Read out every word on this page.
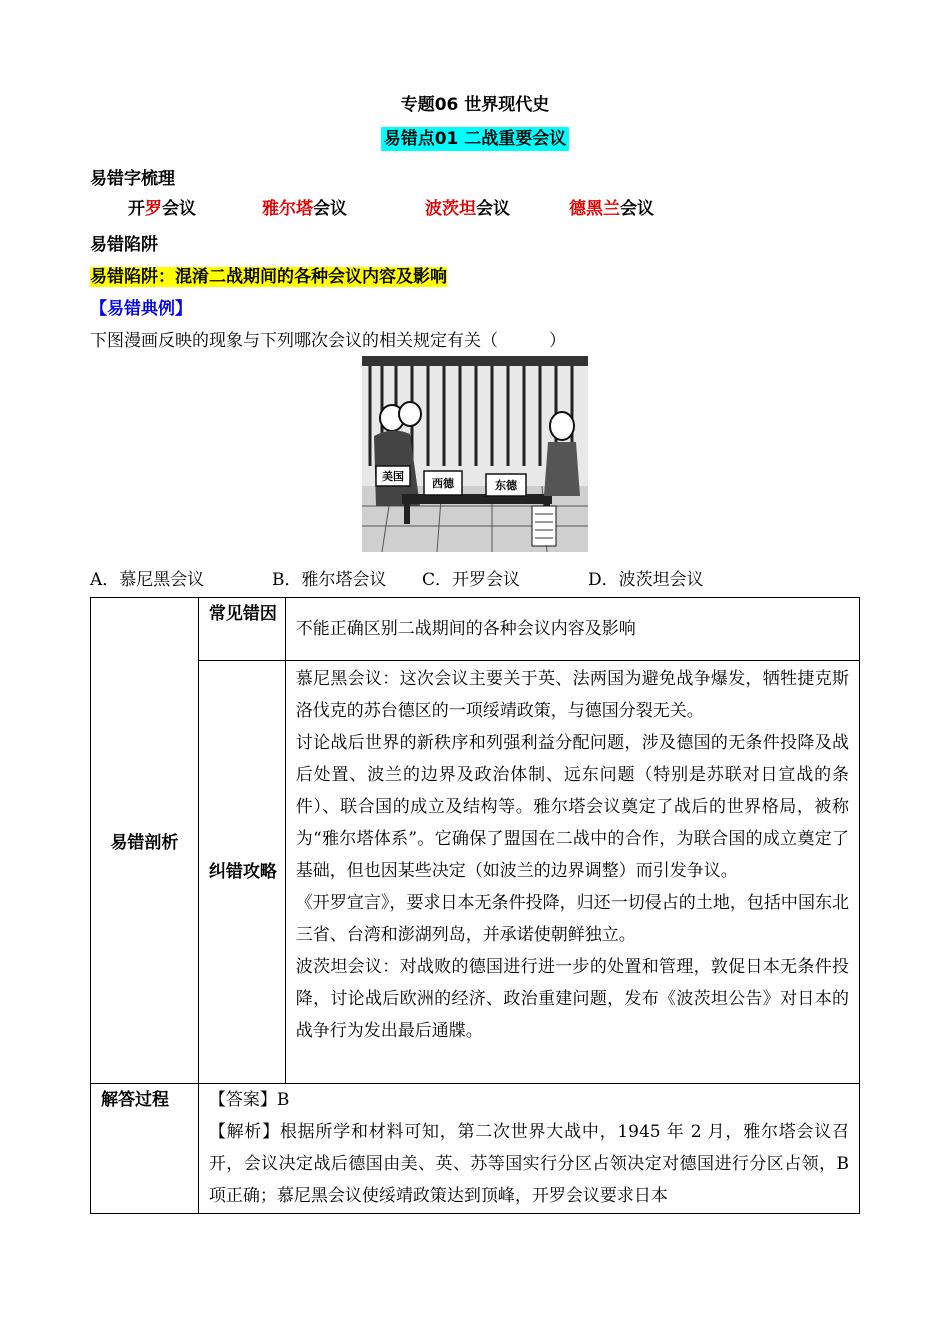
专题06 世界现代史
易错点01 二战重要会议
易错字梳理
开罗会议	雅尔塔会议	波茨坦会议	德黑兰会议
易错陷阱
易错陷阱：混淆二战期间的各种会议内容及影响
【易错典例】
下图漫画反映的现象与下列哪次会议的相关规定有关（　　　）
美国
西德	东德
A．慕尼黑会议	B．雅尔塔会议 C．开罗会议	D．波茨坦会议
易错剖析	常见错因	不能正确区别二战期间的各种会议内容及影响
	纠错攻略	慕尼黑会议：这次会议主要关于英、法两国为避免战争爆发，牺牲捷克斯洛伐克的苏台德区的一项绥靖政策，与德国分裂无关。
讨论战后世界的新秩序和列强利益分配问题，涉及德国的无条件投降及战后处置、波兰的边界及政治体制、远东问题（特别是苏联对日宣战的条件）、联合国的成立及结构等。雅尔塔会议奠定了战后的世界格局，被称为“雅尔塔体系”。它确保了盟国在二战中的合作，为联合国的成立奠定了基础，但也因某些决定（如波兰的边界调整）而引发争议。
《开罗宣言》，要求日本无条件投降，归还一切侵占的土地，包括中国东北三省、台湾和澎湖列岛，并承诺使朝鲜独立。
波茨坦会议：对战败的德国进行进一步的处置和管理，敦促日本无条件投降，讨论战后欧洲的经济、政治重建问题，发布《波茨坦公告》对日本的战争行为发出最后通牒。

解答过程	【答案】B
【解析】根据所学和材料可知，第二次世界大战中，1945 年 2 月，雅尔塔会议召开，会议决定战后德国由美、英、苏等国实行分区占领决定对德国进行分区占领，B 项正确；慕尼黑会议使绥靖政策达到顶峰，开罗会议要求日本	
